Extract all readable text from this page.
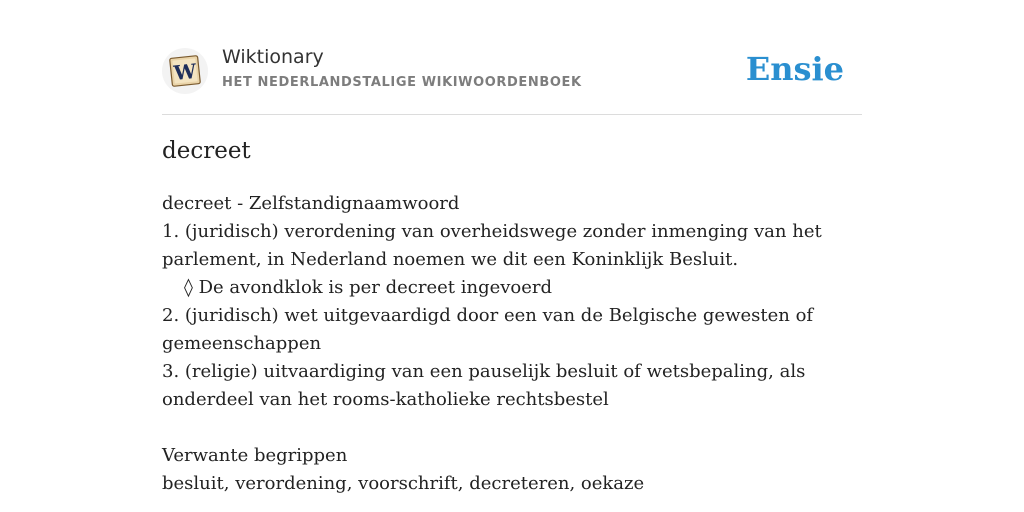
W
Wiktionary
HET NEDERLANDSTALIGE WIKIWOORDENBOEK	Ensie
decreet
decreet - Zelfstandignaamwoord
1. (juridisch) verordening van overheidswege zonder inmenging van het parlement, in Nederland noemen we dit een Koninklijk Besluit.
◊ De avondklok is per decreet ingevoerd
2. (juridisch) wet uitgevaardigd door een van de Belgische gewesten of gemeenschappen
3. (religie) uitvaardiging van een pauselijk besluit of wetsbepaling, als onderdeel van het rooms-katholieke rechtsbestel
Verwante begrippen
besluit, verordening, voorschrift, decreteren, oekaze
